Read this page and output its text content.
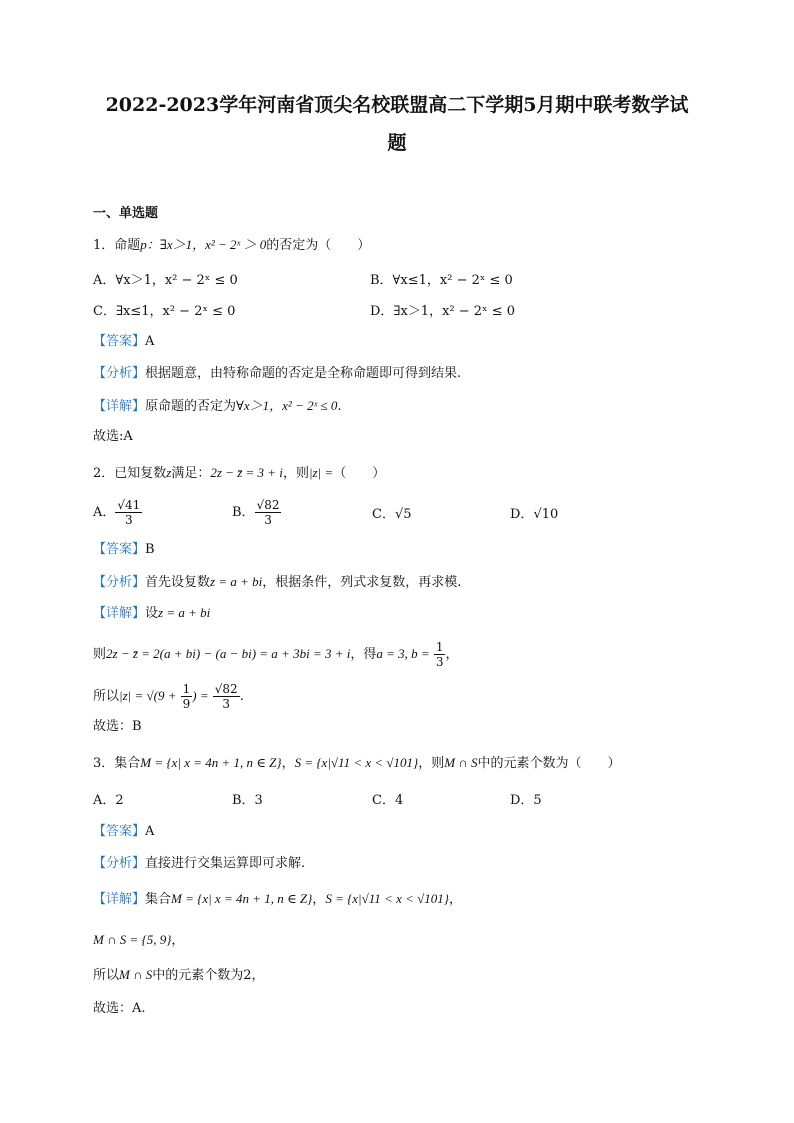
2022-2023学年河南省顶尖名校联盟高二下学期5月期中联考数学试
题
一、单选题
1．命题p：∃x＞1，x² − 2ˣ ＞ 0的否定为（　　）
A．∀x＞1，x² − 2ˣ ≤ 0	B．∀x≤1，x² − 2ˣ ≤ 0
C．∃x≤1，x² − 2ˣ ≤ 0	D．∃x＞1，x² − 2ˣ ≤ 0
【答案】A
【分析】根据题意，由特称命题的否定是全称命题即可得到结果.
【详解】原命题的否定为∀x＞1，x² − 2ˣ ≤ 0.
故选:A
2．已知复数z满足：2z − z̄ = 3 + i，则|z| =（　　）
A． $\frac{√41}{3}$	B． $\frac{√82}{3}$	C．√5	D．√10
【答案】B
【分析】首先设复数z = a + bi，根据条件，列式求复数，再求模.
【详解】设z = a + bi
则2z − z̄ = 2(a + bi) − (a − bi) = a + 3bi = 3 + i，得a = 3, $b = \frac{1}{3}$ ，
所以$|z| = √(9 + \frac{1}{9}$ ) = $\frac{√82}{3}$ .
故选：B
3．集合M = {x| x = 4n + 1, n ∈ Z}，S = {x|√11 < x < √101}，则M ∩ S中的元素个数为（　　）
A．2	B．3	C．4	D．5
【答案】A
【分析】直接进行交集运算即可求解.
【详解】集合M = {x| x = 4n + 1, n ∈ Z}，S = {x|√11 < x < √101}，
M ∩ S = {5, 9}，
所以M ∩ S中的元素个数为2，
故选：A.
